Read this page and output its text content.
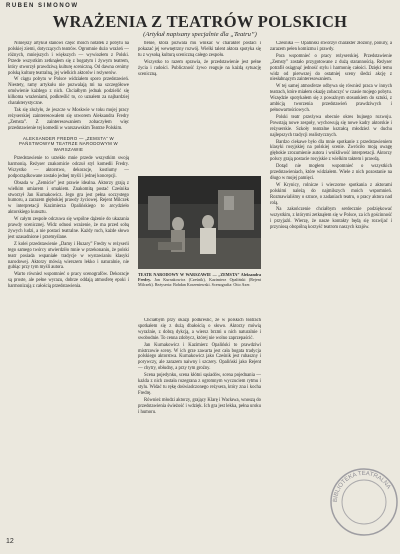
RUBEN SIMONOW
WRAŻENIA Z TEATRÓW POLSKICH
(Artykuł napisany specjalnie dla „Teatru”)

Niniejszy artykuł stanowi część moich notatek z pobytu na polskiej ziemi, dotyczących teatrów. Ogromnie dużo wrażeń — różnych, mniejszych i większych — wywiozłem z Polski. Przede wszystkim zetknąłem się z bogatym i żywym teatrem, który stworzył prawdziwą kulturę sceniczną. Od dawna cenimy polską kulturę teatralną, jej wielkich aktorów i reżyserów.

W ciągu pobytu w Polsce widziałem sporo przedstawień. Niestety, ramy artykułu nie pozwalają mi na szczegółowe omówienie każdego z nich. Chciałbym jednak podzielić się kilkoma wrażeniami, podkreślić to, co uznałem za najbardziej charakterystyczne.

Tak się złożyło, że jeszcze w Moskwie w toku mojej pracy reżyserskiej zainteresowałem się utworem Aleksandra Fredry „Zemsta”. Z zainteresowaniem zobaczyłem więc przedstawienie tej komedii w warszawskim Teatrze Polskim.

ALEKSANDER FREDRO — „ZEMSTA” W PAŃSTWOWYM TEATRZE NARODOWYM W WARSZAWIE

Przedstawienie to urzekło mnie przede wszystkim swoją harmonią. Reżyser znakomicie odczuł styl komedii Fredry. Wszystko — aktorstwo, dekoracje, kostiumy — podporządkowane zostało jednej myśli i jednej koncepcji.

Obsada w „Zemście” jest prawie idealna. Aktorzy grają z wielkim umiarem i smakiem. Znakomitą postać Cześnika stworzył Jan Kurnakowicz. Jego gra jest pełna soczystego humoru, a zarazem głębokiej prawdy życiowej. Rejent Milczek w interpretacji Kazimierza Opalińskiego to arcydzieło aktorskiego kunsztu.

W całym zespole odczuwa się wspólne dążenie do ukazania prawdy scenicznej. Widz odnosi wrażenie, że ma przed sobą żywych ludzi, a nie postaci teatralne. Każdy ruch, każde słowo jest uzasadnione i przemyślane.

Z kolei przedstawienie „Damy i Huzary” Fredry w reżyserii tego samego twórcy utwierdziło mnie w przekonaniu, że polski teatr posiada wspaniałe tradycje w wystawianiu klasyki narodowej. Aktorzy mówią wierszem lekko i naturalnie, nie gubiąc przy tym myśli autora.

Warto również wspomnieć o pracy scenografów. Dekoracje są proste, ale pełne wyrazu, dobrze oddają atmosferę epoki i harmonizują z całością przedstawienia.

tlenie, która pozwala mu wnikać w charakter postaci i pokazać jej wewnętrzny rozwój. Wielki talent aktora spotyka się tu z wysoką kulturą sceniczną całego zespołu.

Wszystko to razem sprawia, że przedstawienie jest pełne życia i radości. Publiczność żywo reaguje na każdą sytuację sceniczną.

TEATR NARODOWY W WARSZAWIE — „ZEMSTA” Aleksandra Fredry. Jan Kurnakowicz (Cześnik), Kazimierz Opaliński (Rejent Milczek). Reżyseria: Bohdan Korzeniewski. Scenografia: Otto Axer.

Chciałbym przy okazji podkreślić, że w polskich teatrach spotkałem się z dużą dbałością o słowo. Aktorzy mówią wyraźnie, z dobrą dykcją, a wiersz brzmi u nich naturalnie i swobodnie. To cenna zdobycz, której nie wolno zaprzepaścić.

Jan Kurnakowicz i Kazimierz Opaliński to prawdziwi mistrzowie sceny. W ich grze zawarta jest cała bogata tradycja polskiego aktorstwa. Kurnakowicz jako Cześnik jest rubaszny i porywczy, ale zarazem naiwny i szczery. Opaliński jako Rejent — chytry, obłudny, a przy tym groźny.

Scena pojedynku, scena kłótni sąsiadów, scena pojednania — każda z nich została rozegrana z ogromnym wyczuciem rytmu i stylu. Widać tu rękę doświadczonego reżysera, który zna i kocha Fredrę.

Również młodzi aktorzy, grający Klarę i Wacława, wnoszą do przedstawienia świeżość i wdzięk. Ich gra jest lekka, pełna uroku i humoru.

Cześnika — Opaliński stworzył charakter złożony, ponury, a zarazem pełen komizmu i prawdy.

Pora wspomnieć o pracy reżyserskiej. Przedstawienie „Zemsty” zostało przygotowane z dużą starannością. Reżyser potrafił osiągnąć jedność stylu i harmonię całości. Dzięki temu widz od pierwszej do ostatniej sceny śledzi akcję z niesłabnącym zainteresowaniem.

W tej samej atmosferze odbywa się również praca w innych teatrach, które miałem okazję zobaczyć w czasie mojego pobytu. Wszędzie spotykałem się z poważnym stosunkiem do sztuki, z ambicją tworzenia przedstawień prawdziwych i pełnowartościowych.

Polski teatr przeżywa obecnie okres bujnego rozwoju. Powstają nowe zespoły, wychowują się nowe kadry aktorskie i reżyserskie. Szkoły teatralne kształcą młodzież w duchu najlepszych tradycji realistycznych.

Bardzo ciekawe było dla mnie spotkanie z przedstawieniem klasyki rosyjskiej na polskiej scenie. Zwróciło moją uwagę głębokie zrozumienie autora i wnikliwość interpretacji. Aktorzy polscy grają postacie rosyjskie z wielkim taktem i prawdą.

Dotąd nie mogłem wspomnieć o wszystkich przedstawieniach, które widziałem. Wiele z nich pozostanie na długo w mojej pamięci.

W Krynicy, rolnicze i wieczorne spotkania z aktorami polskimi należą do najmilszych moich wspomnień. Rozmawialiśmy o sztuce, o zadaniach teatru, o pracy aktora nad rolą.

Na zakończenie chciałbym serdecznie podziękować wszystkim, z którymi zetknąłem się w Polsce, za ich gościnność i przyjaźń. Wierzę, że nasze kontakty będą się rozwijać i przyniosą obopólną korzyść teatrom naszych krajów.

BIBLIOTEKA TEATRALNA
12
